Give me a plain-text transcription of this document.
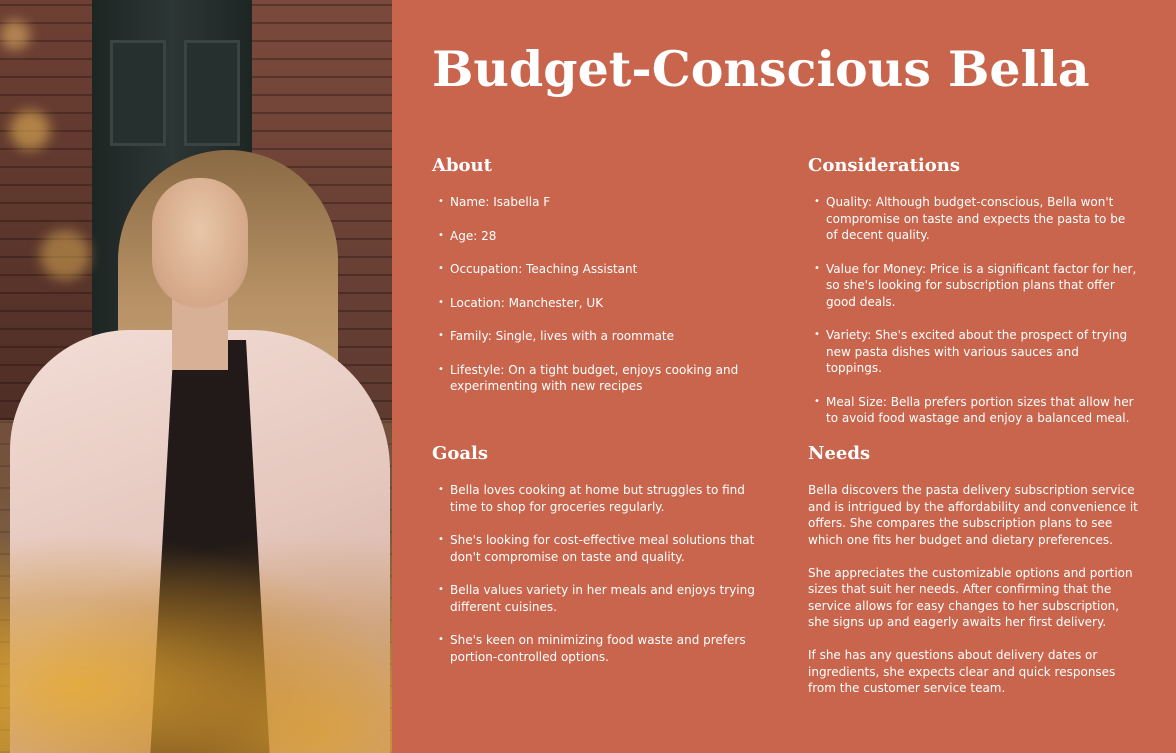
Budget-Conscious Bella
About
• Name: Isabella F
• Age: 28
• Occupation: Teaching Assistant
• Location: Manchester, UK
• Family: Single, lives with a roommate
• Lifestyle: On a tight budget, enjoys cooking and experimenting with new recipes
Considerations
• Quality: Although budget-conscious, Bella won't compromise on taste and expects the pasta to be of decent quality.
• Value for Money: Price is a significant factor for her, so she's looking for subscription plans that offer good deals.
• Variety: She's excited about the prospect of trying new pasta dishes with various sauces and toppings.
• Meal Size: Bella prefers portion sizes that allow her to avoid food wastage and enjoy a balanced meal.
Goals
• Bella loves cooking at home but struggles to find time to shop for groceries regularly.
• She's looking for cost-effective meal solutions that don't compromise on taste and quality.
• Bella values variety in her meals and enjoys trying different cuisines.
• She's keen on minimizing food waste and prefers portion-controlled options.
Needs

Bella discovers the pasta delivery subscription service and is intrigued by the affordability and convenience it offers. She compares the subscription plans to see which one fits her budget and dietary preferences.

She appreciates the customizable options and portion sizes that suit her needs. After confirming that the service allows for easy changes to her subscription, she signs up and eagerly awaits her first delivery.

If she has any questions about delivery dates or ingredients, she expects clear and quick responses from the customer service team.
